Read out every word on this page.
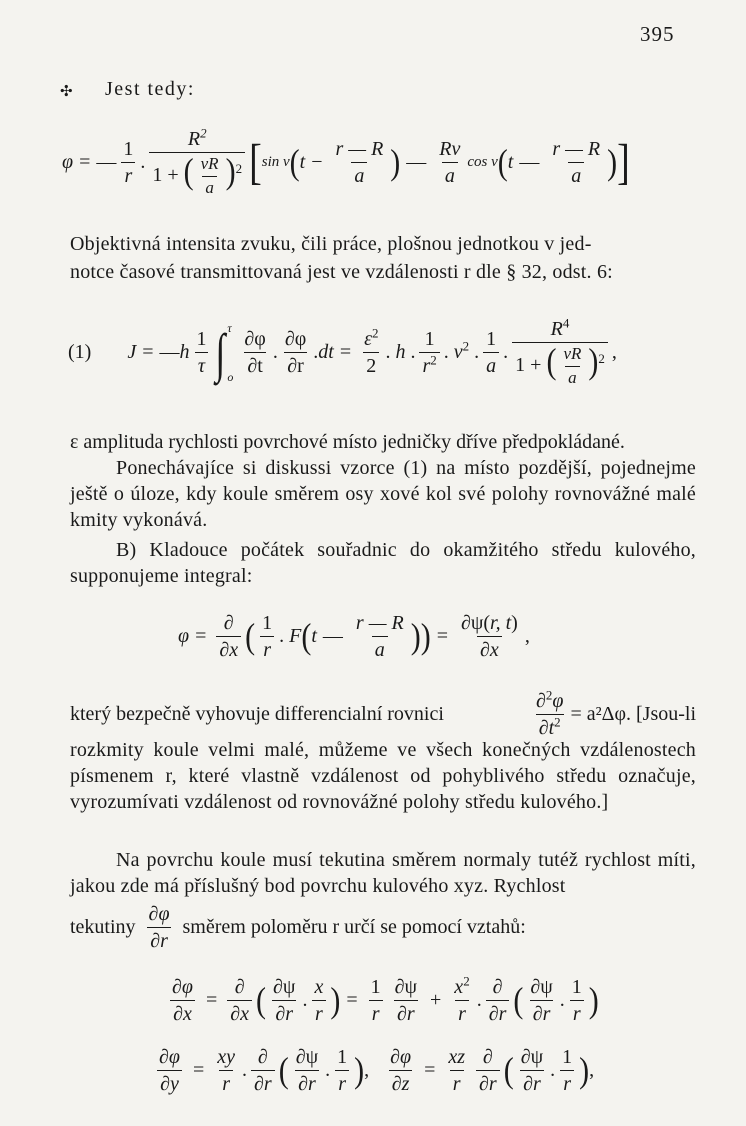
395
✣ Jest tedy:
φ = — $\frac{1}{r}$ . $\frac{R^2}{1 + ( \frac{\nu R}{a} )^2}$ [ sin ν ( $t - \frac{r — R}{a}$ ) — $\frac{R\nu}{a}$ cos ν ( t — $\frac{r — R}{a}$ ) ]
Objektivná intensita zvuku, čili práce, plošnou jednotkou v jed-
notce časové transmittovaná jest ve vzdálenosti r dle § 32, odst. 6:
(1) J = — h $\frac{1}{\tau}$ ∫ τ
o $\frac{\partial\varphi}{\partial t}$ . $\frac{\partial\varphi}{\partial r}$ . dt = $\frac{\varepsilon^2}{2}$ . h . $\frac{1}{r^2}$ . $\nu^2$ . $\frac{1}{a}$ . $\frac{R^4}{1 + ( \frac{\nu R}{a} )^2}$ ,
ε amplituda rychlosti povrchové místo jedničky dříve předpokládané.
Ponechávajíce si diskussi vzorce (1) na místo pozdější, pojednejme ještě o úloze, kdy koule směrem osy xové kol své polohy rovnovážné malé kmity vykonává.
B) Kladouce počátek souřadnic do okamžitého středu kulového, supponujeme integral:
$\varphi = \frac{\partial}{\partial x}$ ( $\frac{1}{r}$ . F ( t — $\frac{r — R}{a}$ ) ) = $\frac{\partial\psi(r, t)}{\partial x}$ ,
který bezpečně vyhovuje differencialní rovnici	$\frac{\partial^2\varphi}{\partial t^2} = a^2\Delta\varphi$. [Jsou-li
rozkmity koule velmi malé, můžeme ve všech konečných vzdálenostech písmenem r, které vlastně vzdálenost od pohyblivého středu označuje, vyrozumívati vzdálenost od rovnovážné polohy středu kulového.]
Na povrchu koule musí tekutina směrem normaly tutéž rychlost míti, jakou zde má příslušný bod povrchu kulového xyz. Rychlost
tekutiny $\frac{\partial\varphi}{\partial r}$ směrem poloměru r určí se pomocí vztahů:
$\frac{\partial\varphi}{\partial x} = \frac{\partial}{\partial x}$ ( $\frac{\partial\psi}{\partial r}$ . $\frac{x}{r}$ ) = $\frac{1}{r} \frac{\partial\psi}{\partial r} + \frac{x^2}{r}$ . $\frac{\partial}{\partial r}$ ( $\frac{\partial\psi}{\partial r}$ . $\frac{1}{r}$ )
$\frac{\partial\varphi}{\partial y} = \frac{xy}{r}$ . $\frac{\partial}{\partial r}$ ( $\frac{\partial\psi}{\partial r}$ . $\frac{1}{r}$ ) , $\frac{\partial\varphi}{\partial z} = \frac{xz}{r} \frac{\partial}{\partial r}$ ( $\frac{\partial\psi}{\partial r}$ . $\frac{1}{r}$ ) ,
